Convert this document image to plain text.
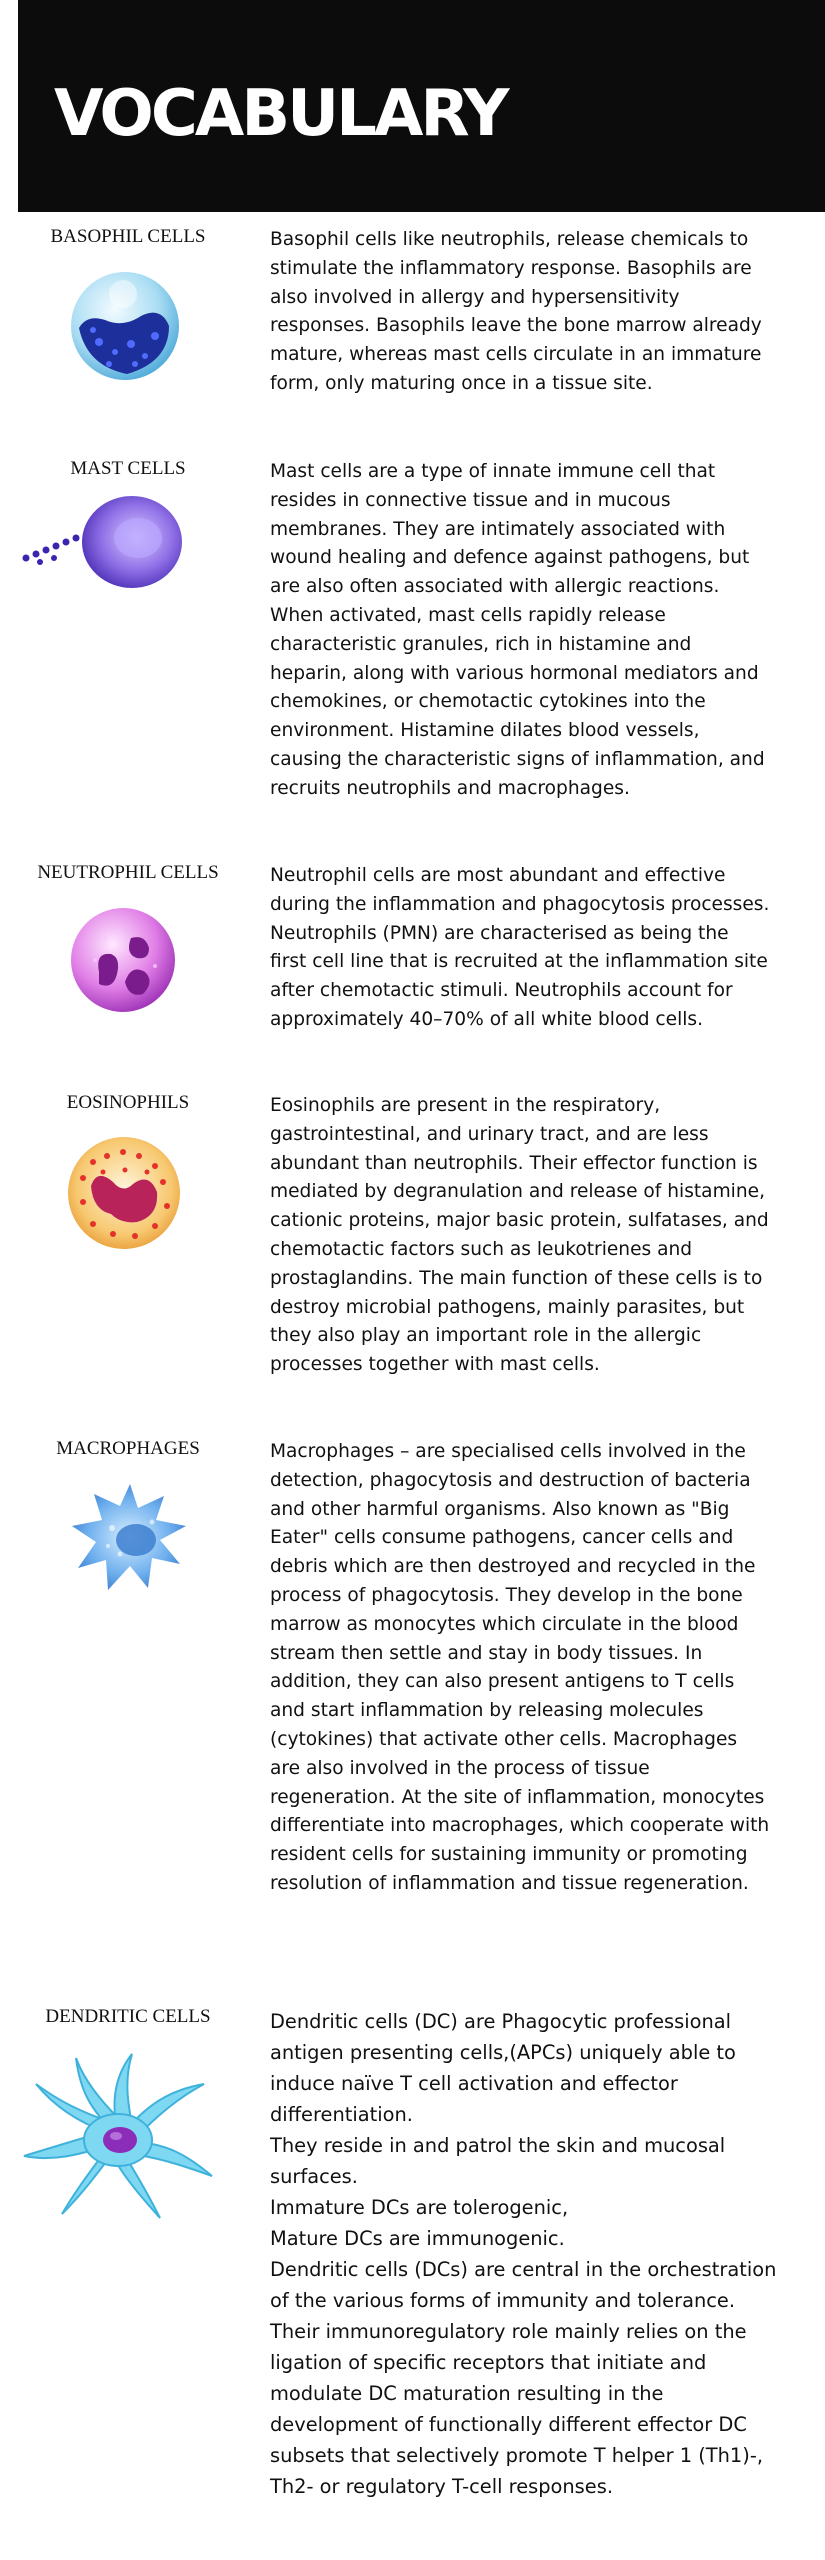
VOCABULARY
BASOPHIL CELLS	Basophil cells like neutrophils, release chemicals to stimulate the inflammatory response. Basophils are also involved in allergy and hypersensitivity responses. Basophils leave the bone marrow already mature, whereas mast cells circulate in an immature form, only maturing once in a tissue site.

MAST CELLS	Mast cells are a type of innate immune cell that resides in connective tissue and in mucous membranes. They are intimately associated with wound healing and defence against pathogens, but are also often associated with allergic reactions. When activated, mast cells rapidly release characteristic granules, rich in histamine and heparin, along with various hormonal mediators and chemokines, or chemotactic cytokines into the environment. Histamine dilates blood vessels, causing the characteristic signs of inflammation, and recruits neutrophils and macrophages.

NEUTROPHIL CELLS	Neutrophil cells are most abundant and effective during the inflammation and phagocytosis processes. Neutrophils (PMN) are characterised as being the first cell line that is recruited at the inflammation site after chemotactic stimuli. Neutrophils account for approximately 40–70% of all white blood cells.

EOSINOPHILS	Eosinophils are present in the respiratory, gastrointestinal, and urinary tract, and are less abundant than neutrophils. Their effector function is mediated by degranulation and release of histamine, cationic proteins, major basic protein, sulfatases, and chemotactic factors such as leukotrienes and prostaglandins. The main function of these cells is to destroy microbial pathogens, mainly parasites, but they also play an important role in the allergic processes together with mast cells.

MACROPHAGES	Macrophages – are specialised cells involved in the detection, phagocytosis and destruction of bacteria and other harmful organisms. Also known as "Big Eater" cells consume pathogens, cancer cells and debris which are then destroyed and recycled in the process of phagocytosis. They develop in the bone marrow as monocytes which circulate in the blood stream then settle and stay in body tissues. In addition, they can also present antigens to T cells and start inflammation by releasing molecules (cytokines) that activate other cells. Macrophages are also involved in the process of tissue regeneration. At the site of inflammation, monocytes differentiate into macrophages, which cooperate with resident cells for sustaining immunity or promoting resolution of inflammation and tissue regeneration.

DENDRITIC CELLS	Dendritic cells (DC) are Phagocytic professional antigen presenting cells,(APCs) uniquely able to induce naïve T cell activation and effector differentiation.

They reside in and patrol the skin and mucosal surfaces.

Immature DCs are tolerogenic,

Mature DCs are immunogenic.

Dendritic cells (DCs) are central in the orchestration of the various forms of immunity and tolerance. Their immunoregulatory role mainly relies on the ligation of specific receptors that initiate and modulate DC maturation resulting in the development of functionally different effector DC subsets that selectively promote T helper 1 (Th1)-, Th2- or regulatory T-cell responses.
